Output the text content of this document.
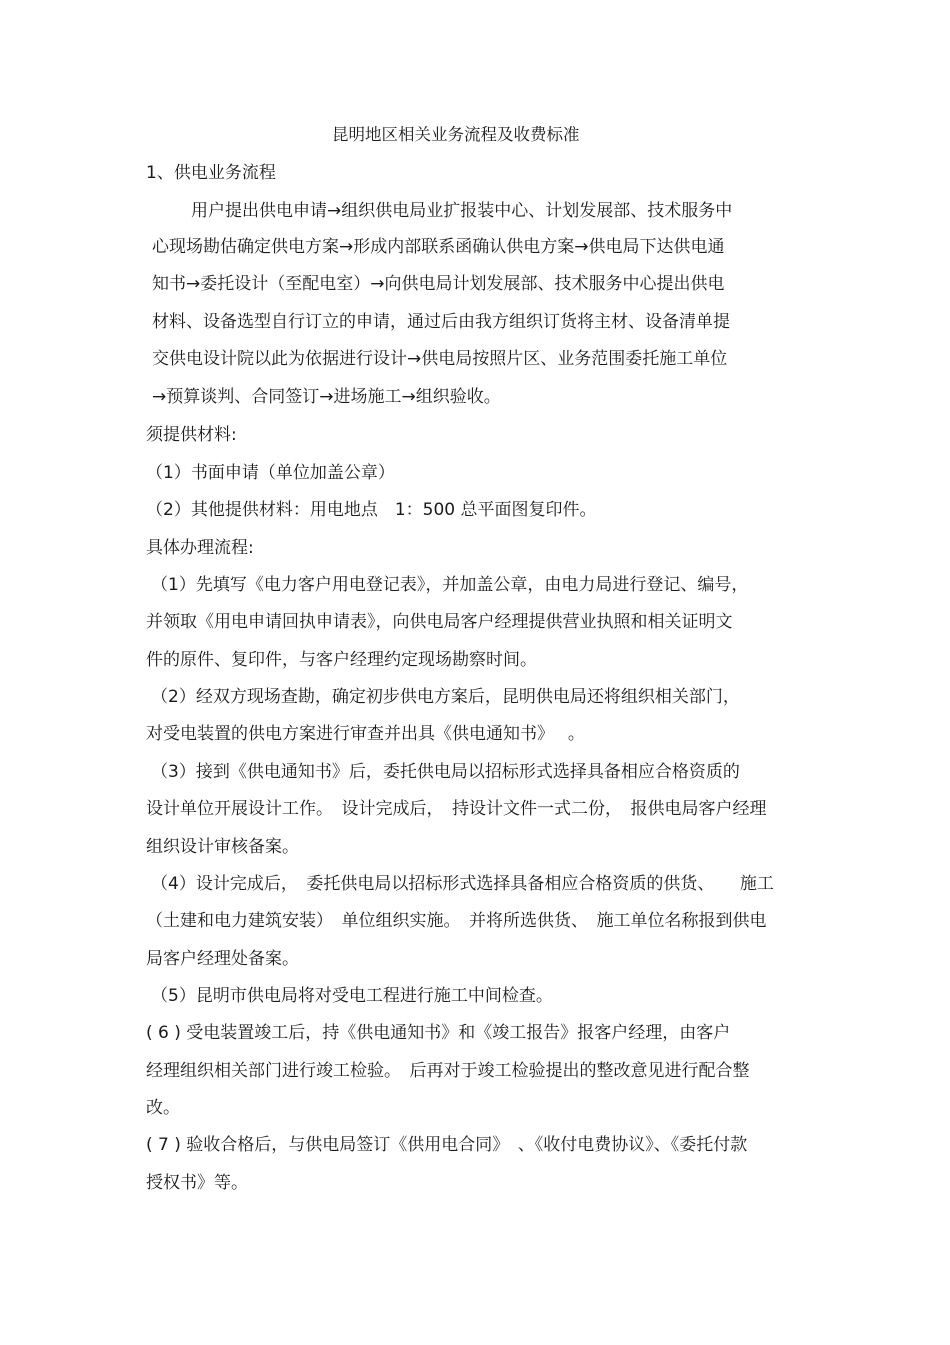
昆明地区相关业务流程及收费标准
1、供电业务流程
用户提出供电申请→组织供电局业扩报装中心、计划发展部、技术服务中
心现场勘估确定供电方案→形成内部联系函确认供电方案→供电局下达供电通
知书→委托设计（至配电室）→向供电局计划发展部、技术服务中心提出供电
材料、设备选型自行订立的申请，通过后由我方组织订货将主材、设备清单提
交供电设计院以此为依据进行设计→供电局按照片区、业务范围委托施工单位
→预算谈判、合同签订→进场施工→组织验收。
须提供材料:
（1）书面申请（单位加盖公章）
（2）其他提供材料：用电地点　1：500 总平面图复印件。
具体办理流程:
（1）先填写《电力客户用电登记表》，并加盖公章，由电力局进行登记、编号，
并领取《用电申请回执申请表》，向供电局客户经理提供营业执照和相关证明文
件的原件、复印件，与客户经理约定现场勘察时间。
（2）经双方现场查勘，确定初步供电方案后，昆明供电局还将组织相关部门，
对受电装置的供电方案进行审查并出具《供电通知书》　 。
（3）接到《供电通知书》后，委托供电局以招标形式选择具备相应合格资质的
设计单位开展设计工作。　设计完成后，　持设计文件一式二份，　报供电局客户经理
组织设计审核备案。
（4）设计完成后，　委托供电局以招标形式选择具备相应合格资质的供货、　　施工
（土建和电力建筑安装）　单位组织实施。　并将所选供货、　施工单位名称报到供电
局客户经理处备案。
（5）昆明市供电局将对受电工程进行施工中间检查。
( 6 ) 受电装置竣工后，持《供电通知书》和《竣工报告》报客户经理，由客户
经理组织相关部门进行竣工检验。　后再对于竣工检验提出的整改意见进行配合整
改。
( 7 ) 验收合格后，与供电局签订《供用电合同》　、《收付电费协议》、《委托付款
授权书》等。
